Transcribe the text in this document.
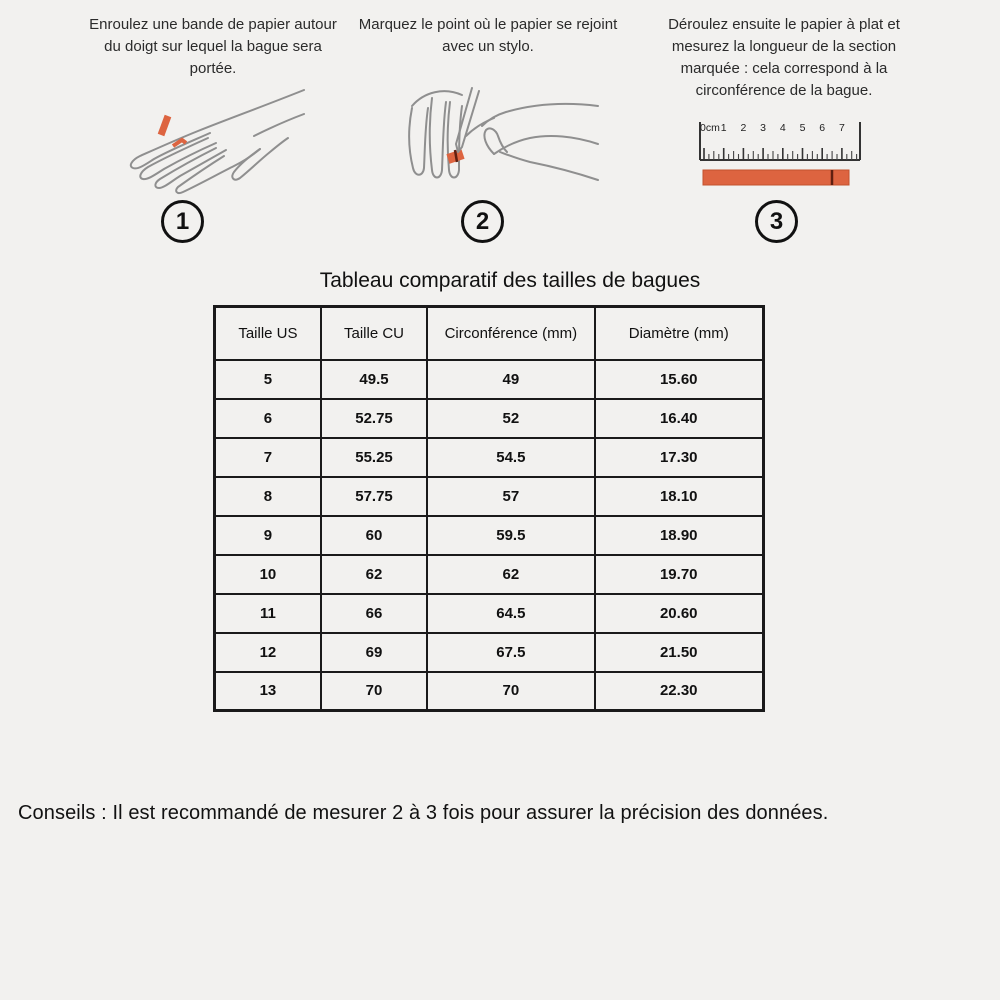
Enroulez une bande de papier autour du doigt sur lequel la bague sera portée.
1
Marquez le point où le papier se rejoint avec un stylo.
2
Déroulez ensuite le papier à plat et mesurez la longueur de la section marquée : cela correspond à la circonférence de la bague.
0cm 1 2 3 4 5 6 7
3
Tableau comparatif des tailles de bagues
Taille US	Taille CU	Circonférence (mm)	Diamètre (mm)
5	49.5	49	15.60
6	52.75	52	16.40
7	55.25	54.5	17.30
8	57.75	57	18.10
9	60	59.5	18.90
10	62	62	19.70
11	66	64.5	20.60
12	69	67.5	21.50
13	70	70	22.30
Conseils : Il est recommandé de mesurer 2 à 3 fois pour assurer la précision des données.
